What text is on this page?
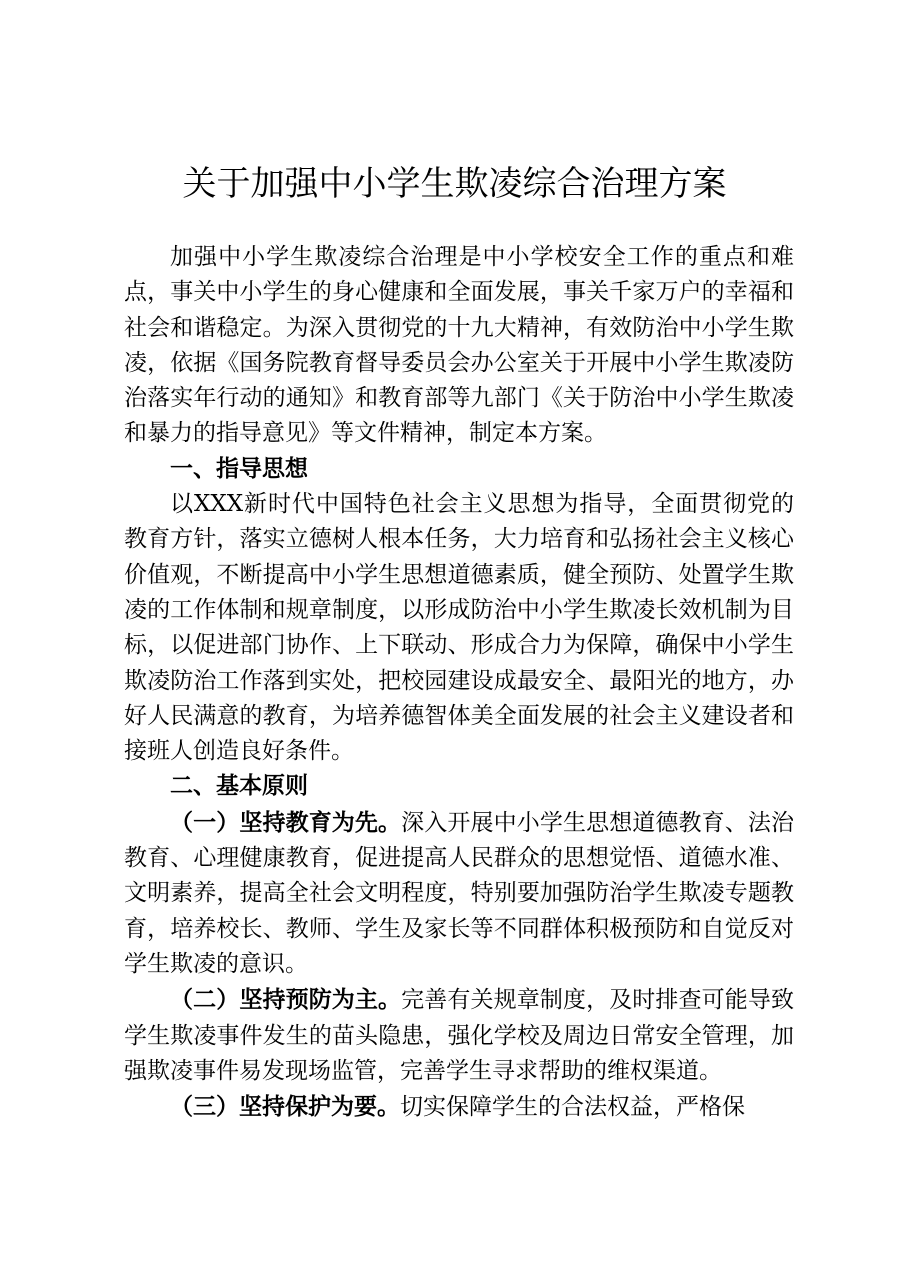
关于加强中小学生欺凌综合治理方案

加强中小学生欺凌综合治理是中小学校安全工作的重点和难点，事关中小学生的身心健康和全面发展，事关千家万户的幸福和社会和谐稳定。为深入贯彻党的十九大精神，有效防治中小学生欺凌，依据《国务院教育督导委员会办公室关于开展中小学生欺凌防治落实年行动的通知》和教育部等九部门《关于防治中小学生欺凌和暴力的指导意见》等文件精神，制定本方案。

一、指导思想

以XXX新时代中国特色社会主义思想为指导，全面贯彻党的教育方针，落实立德树人根本任务，大力培育和弘扬社会主义核心价值观，不断提高中小学生思想道德素质，健全预防、处置学生欺凌的工作体制和规章制度，以形成防治中小学生欺凌长效机制为目标，以促进部门协作、上下联动、形成合力为保障，确保中小学生欺凌防治工作落到实处，把校园建设成最安全、最阳光的地方，办好人民满意的教育，为培养德智体美全面发展的社会主义建设者和接班人创造良好条件。

二、基本原则

（一）坚持教育为先。深入开展中小学生思想道德教育、法治教育、心理健康教育，促进提高人民群众的思想觉悟、道德水准、文明素养，提高全社会文明程度，特别要加强防治学生欺凌专题教育，培养校长、教师、学生及家长等不同群体积极预防和自觉反对学生欺凌的意识。

（二）坚持预防为主。完善有关规章制度，及时排查可能导致学生欺凌事件发生的苗头隐患，强化学校及周边日常安全管理，加强欺凌事件易发现场监管，完善学生寻求帮助的维权渠道。

（三）坚持保护为要。切实保障学生的合法权益，严格保
